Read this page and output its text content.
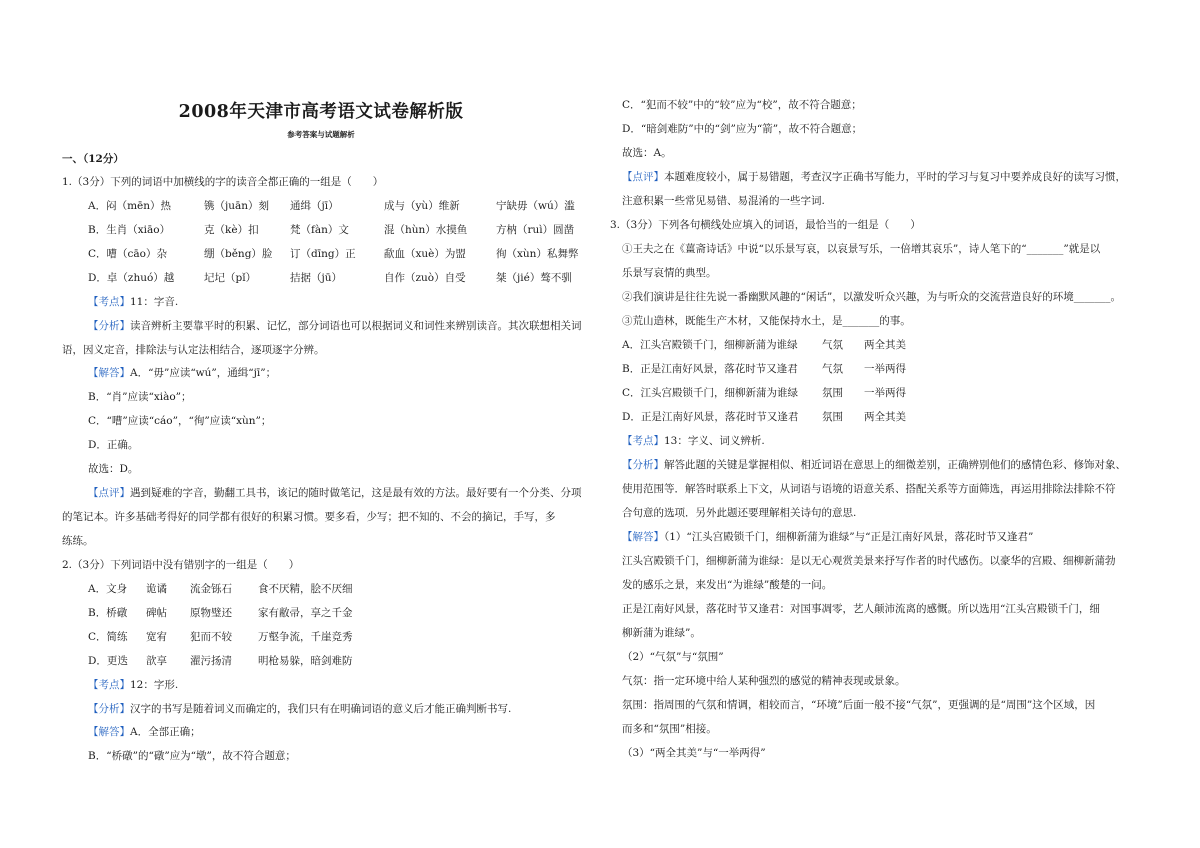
2008年天津市高考语文试卷解析版
参考答案与试题解析
一、（12分）
1.（3分）下列的词语中加横线的字的读音全都正确的一组是（　　）
A．闷（mēn）热	镌（juān）刻 通缉（jī）	成与（yù）维新	宁缺毋（wú）滥
B．生肖（xiāo）	克（kè）扣	梵（fàn）文	混（hùn）水摸鱼	方枘（ruì）圆凿
C．嘈（cāo）杂	绷（běng）脸 订（dīng）正	歃血（xuè）为盟	徇（xùn）私舞弊
D．卓（zhuó）越	圮圮（pǐ）	拮据（jū）	自作（zuò）自受	桀（jié）骜不驯
【考点】11：字音.
【分析】读音辨析主要靠平时的积累、记忆，部分词语也可以根据词义和词性来辨别读音。其次联想相关词
语，因义定音，排除法与认定法相结合，逐项逐字分辨。
【解答】A．“毋”应读“wú”，通缉“jī”；
B．“肖”应读“xiào”；
C．“嘈”应读“cáo”，“徇”应读“xùn”；
D．正确。
故选：D。
【点评】遇到疑难的字音，勤翻工具书，该记的随时做笔记，这是最有效的方法。最好要有一个分类、分项
的笔记本。许多基础考得好的同学都有很好的积累习惯。要多看，少写；把不知的、不会的摘记，手写，多
练练。
2.（3分）下列词语中没有错别字的一组是（　　）
A．文身 诡谲 流金铄石 食不厌精，脍不厌细
B．桥礅 碑帖 原物璧还 家有敝帚，享之千金
C．简练 宽宥 犯而不较 万壑争流，千崖竞秀
D．更迭 歆享 濯污扬清 明枪易躲，暗剑难防
【考点】12：字形.
【分析】汉字的书写是随着词义而确定的，我们只有在明确词语的意义后才能正确判断书写.
【解答】A．全部正确；
B．“桥礅”的“礅”应为“墩”，故不符合题意；
C．“犯而不较”中的“较”应为“校”，故不符合题意；
D．“暗剑难防”中的“剑”应为“箭”，故不符合题意；
故选：A。
【点评】本题难度较小，属于易错题，考查汉字正确书写能力，平时的学习与复习中要养成良好的读写习惯，
注意积累一些常见易错、易混淆的一些字词.
3.（3分）下列各句横线处应填入的词语，最恰当的一组是（　　）
①王夫之在《薑斋诗话》中说“以乐景写哀，以哀景写乐，一倍增其哀乐”，诗人笔下的“_______”就是以
乐景写哀情的典型。
②我们演讲是往往先说一番幽默风趣的“闲话”，以激发听众兴趣，为与听众的交流营造良好的环境_______。
③荒山造林，既能生产木材，又能保持水土，是_______的事。
A．江头宫殿锁千门，细柳新蒲为谁绿 气氛 两全其美
B．正是江南好风景，落花时节又逢君 气氛 一举两得
C．江头宫殿锁千门，细柳新蒲为谁绿 氛围 一举两得
D．正是江南好风景，落花时节又逢君 氛围 两全其美
【考点】13：字义、词义辨析.
【分析】解答此题的关键是掌握相似、相近词语在意思上的细微差别，正确辨别他们的感情色彩、修饰对象、
使用范围等．解答时联系上下文，从词语与语境的语意关系、搭配关系等方面筛选，再运用排除法排除不符
合句意的选项．另外此题还要理解相关诗句的意思.
【解答】（1）“江头宫殿锁千门，细柳新蒲为谁绿”与“正是江南好风景，落花时节又逢君”
江头宫殿锁千门，细柳新蒲为谁绿：是以无心观赏美景来抒写作者的时代感伤。以豪华的宫殿、细柳新蒲勃
发的感乐之景，来发出“为谁绿”酸楚的一问。
正是江南好风景，落花时节又逢君：对国事凋零，艺人颠沛流离的感慨。所以选用“江头宫殿锁千门，细
柳新蒲为谁绿”。
（2）“气氛”与“氛围”
气氛：指一定环境中给人某种强烈的感觉的精神表现或景象。
氛围：指周围的气氛和情调，相较而言，“环境”后面一般不接“气氛”，更强调的是“周围”这个区域，因
而多和“氛围”相接。
（3）“两全其美”与“一举两得”
